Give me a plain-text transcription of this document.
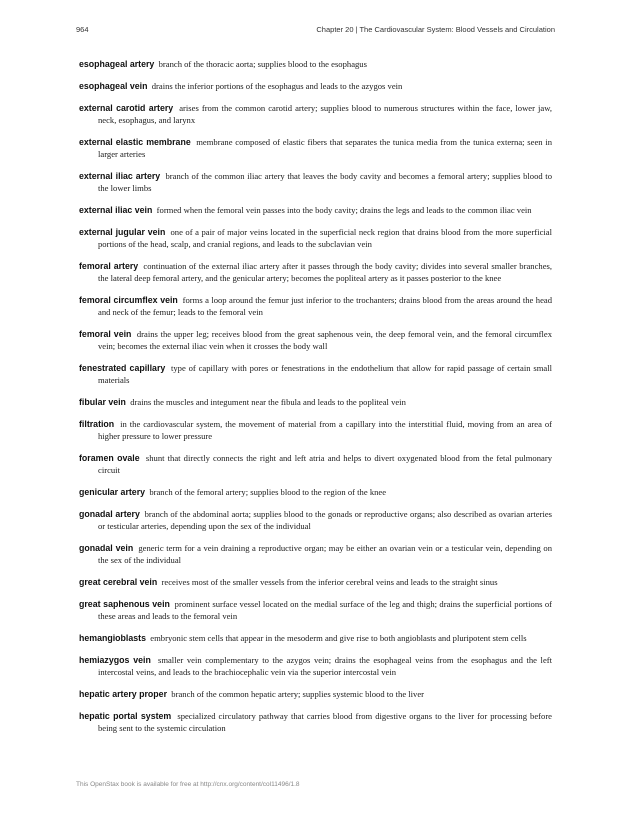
964	Chapter 20 | The Cardiovascular System: Blood Vessels and Circulation

esophageal artery branch of the thoracic aorta; supplies blood to the esophagus

esophageal vein drains the inferior portions of the esophagus and leads to the azygos vein

external carotid artery arises from the common carotid artery; supplies blood to numerous structures within the face, lower jaw, neck, esophagus, and larynx

external elastic membrane membrane composed of elastic fibers that separates the tunica media from the tunica externa; seen in larger arteries

external iliac artery branch of the common iliac artery that leaves the body cavity and becomes a femoral artery; supplies blood to the lower limbs

external iliac vein formed when the femoral vein passes into the body cavity; drains the legs and leads to the common iliac vein

external jugular vein one of a pair of major veins located in the superficial neck region that drains blood from the more superficial portions of the head, scalp, and cranial regions, and leads to the subclavian vein

femoral artery continuation of the external iliac artery after it passes through the body cavity; divides into several smaller branches, the lateral deep femoral artery, and the genicular artery; becomes the popliteal artery as it passes posterior to the knee

femoral circumflex vein forms a loop around the femur just inferior to the trochanters; drains blood from the areas around the head and neck of the femur; leads to the femoral vein

femoral vein drains the upper leg; receives blood from the great saphenous vein, the deep femoral vein, and the femoral circumflex vein; becomes the external iliac vein when it crosses the body wall

fenestrated capillary type of capillary with pores or fenestrations in the endothelium that allow for rapid passage of certain small materials

fibular vein drains the muscles and integument near the fibula and leads to the popliteal vein

filtration in the cardiovascular system, the movement of material from a capillary into the interstitial fluid, moving from an area of higher pressure to lower pressure

foramen ovale shunt that directly connects the right and left atria and helps to divert oxygenated blood from the fetal pulmonary circuit

genicular artery branch of the femoral artery; supplies blood to the region of the knee

gonadal artery branch of the abdominal aorta; supplies blood to the gonads or reproductive organs; also described as ovarian arteries or testicular arteries, depending upon the sex of the individual

gonadal vein generic term for a vein draining a reproductive organ; may be either an ovarian vein or a testicular vein, depending on the sex of the individual

great cerebral vein receives most of the smaller vessels from the inferior cerebral veins and leads to the straight sinus

great saphenous vein prominent surface vessel located on the medial surface of the leg and thigh; drains the superficial portions of these areas and leads to the femoral vein

hemangioblasts embryonic stem cells that appear in the mesoderm and give rise to both angioblasts and pluripotent stem cells

hemiazygos vein smaller vein complementary to the azygos vein; drains the esophageal veins from the esophagus and the left intercostal veins, and leads to the brachiocephalic vein via the superior intercostal vein

hepatic artery proper branch of the common hepatic artery; supplies systemic blood to the liver

hepatic portal system specialized circulatory pathway that carries blood from digestive organs to the liver for processing before being sent to the systemic circulation

This OpenStax book is available for free at http://cnx.org/content/col11496/1.8
